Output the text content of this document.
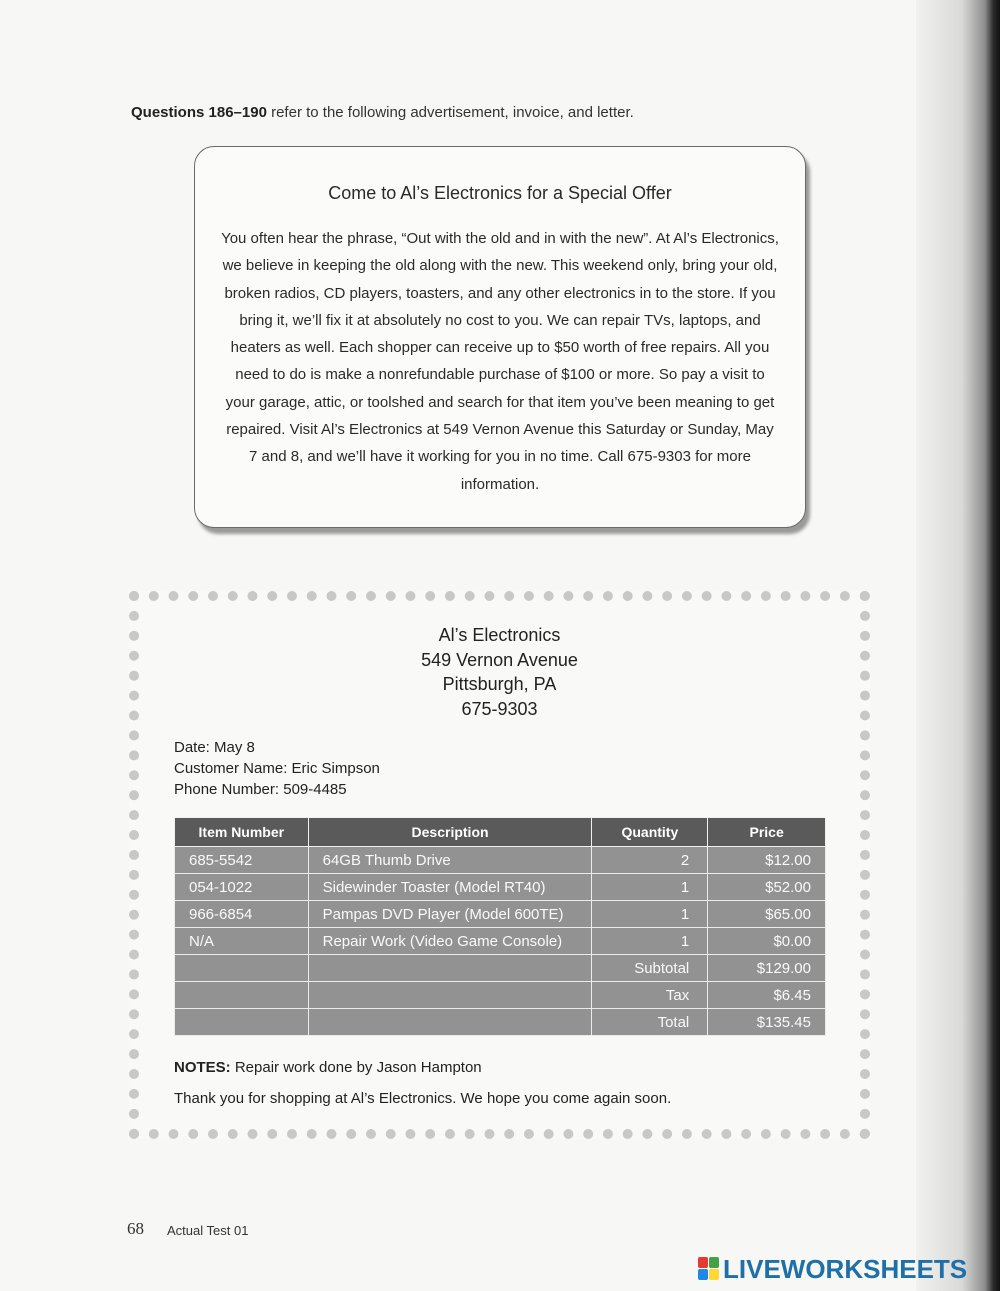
Questions 186–190 refer to the following advertisement, invoice, and letter.
Come to Al’s Electronics for a Special Offer
You often hear the phrase, “Out with the old and in with the new”. At Al’s Electronics, we believe in keeping the old along with the new. This weekend only, bring your old, broken radios, CD players, toasters, and any other electronics in to the store. If you bring it, we’ll fix it at absolutely no cost to you. We can repair TVs, laptops, and heaters as well. Each shopper can receive up to $50 worth of free repairs. All you need to do is make a nonrefundable purchase of $100 or more. So pay a visit to your garage, attic, or toolshed and search for that item you’ve been meaning to get repaired. Visit Al’s Electronics at 549 Vernon Avenue this Saturday or Sunday, May 7 and 8, and we’ll have it working for you in no time. Call 675-9303 for more information.
Al’s Electronics
549 Vernon Avenue
Pittsburgh, PA
675-9303
Date: May 8
Customer Name: Eric Simpson
Phone Number: 509-4485
Item Number	Description	Quantity	Price
685-5542	64GB Thumb Drive	2	$12.00
054-1022	Sidewinder Toaster (Model RT40)	1	$52.00
966-6854	Pampas DVD Player (Model 600TE)	1	$65.00
N/A	Repair Work (Video Game Console)	1	$0.00
		Subtotal	$129.00
		Tax	$6.45
		Total	$135.45
NOTES: Repair work done by Jason Hampton
Thank you for shopping at Al’s Electronics. We hope you come again soon.
68 Actual Test 01
LIVEWORKSHEETS
